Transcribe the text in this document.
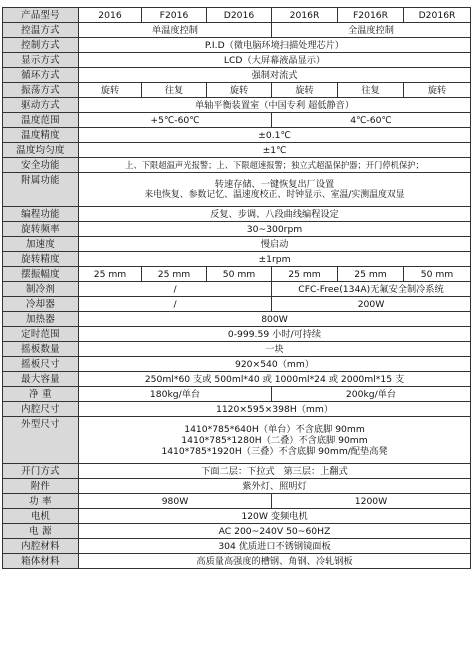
产品型号	2016	F2016	D2016	2016R	F2016R	D2016R
控温方式	单温度控制			全温度控制		
控制方式	P.I.D（微电脑环境扫描处理芯片）					
显示方式	LCD（大屏幕液晶显示）					
循环方式	强制对流式					
振荡方式	旋转	往复	旋转	旋转	往复	旋转
驱动方式	单轴平衡装置室（中国专利 超低静音）					
温度范围	+5℃-60℃			4℃-60℃		
温度精度	±0.1℃					
温度均匀度	±1℃					
安全功能	上、下限超温声光报警；上、下限超速报警；独立式超温保护器；开门停机保护；					
附属功能	转速存储、一键恢复出厂设置
来电恢复、参数记忆、温速度校正、时钟显示、室温/实测温度双显					

编程功能	反复、步调、八段曲线编程设定					
旋转频率	30~300rpm					
加速度	慢启动					
旋转精度	±1rpm					
摆振幅度	25 mm	25 mm	50 mm	25 mm	25 mm	50 mm
制冷剂	/			CFC-Free(134A)无氟安全制冷系统		
冷却器	/			200W		
加热器	800W					
定时范围	0-999.59 小时/可持续					
摇板数量	一块					
摇板尺寸	920×540（mm）					
最大容量	250ml*60 支或 500ml*40 或 1000ml*24 或 2000ml*15 支					
净 重	180kg/单台			200kg/单台		
内腔尺寸	1120×595×398H（mm）					
外型尺寸	1410*785*640H（单台）不含底脚 90mm
1410*785*1280H（二叠）不含底脚 90mm
1410*785*1920H（三叠）不含底脚 90mm/配垫高凳					

开门方式	下面二层：下拉式   第三层：上翻式					
附件	紫外灯、照明灯					
功 率	980W			1200W		
电机	120W 变频电机					
电 源	AC 200~240V 50~60HZ					
内腔材料	304 优质进口不锈钢镜面板					
箱体材料	高质量高强度的槽钢、角钢、冷轧钢板					
